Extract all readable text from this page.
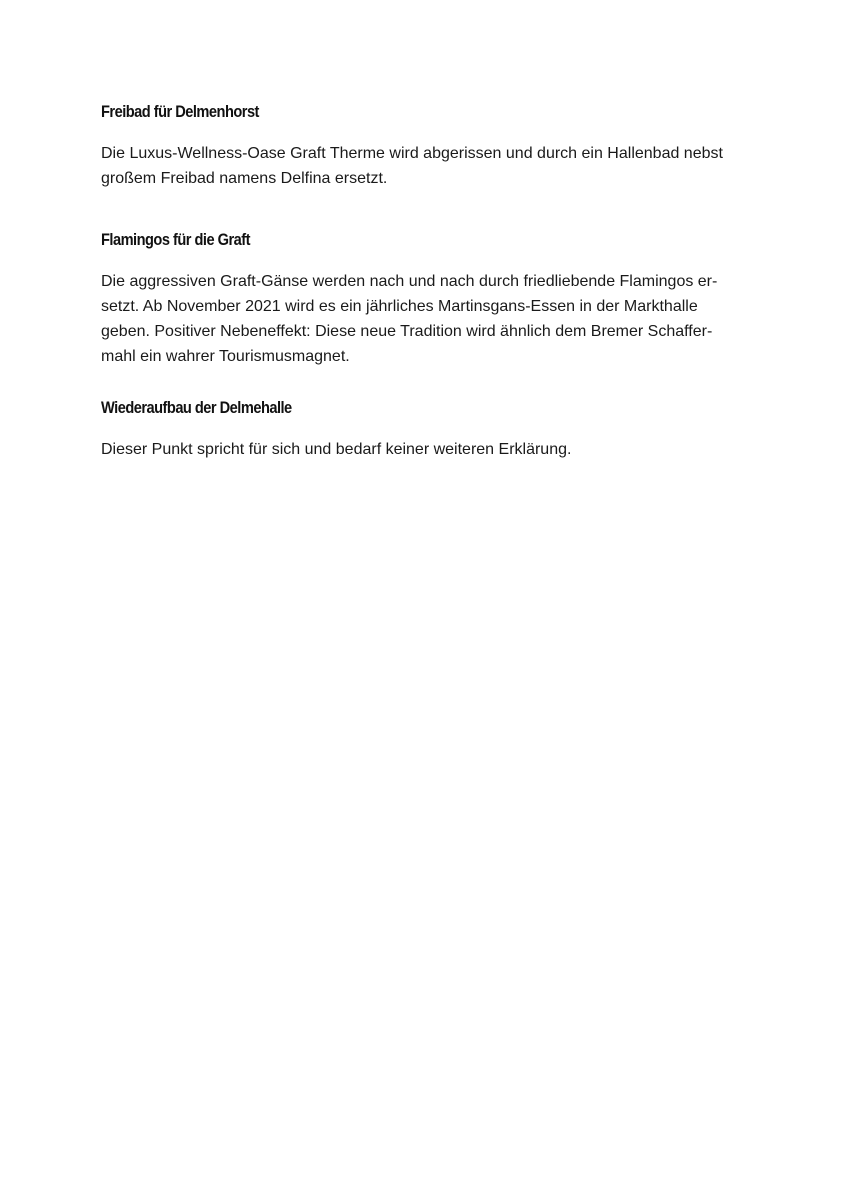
Freibad für Delmenhorst

Die Luxus-Wellness-Oase Graft Therme wird abgerissen und durch ein Hallenbad nebst
großem Freibad namens Delfina ersetzt.

Flamingos für die Graft

Die aggressiven Graft-Gänse werden nach und nach durch friedliebende Flamingos er-
setzt. Ab November 2021 wird es ein jährliches Martinsgans-Essen in der Markthalle
geben. Positiver Nebeneffekt: Diese neue Tradition wird ähnlich dem Bremer Schaffer-
mahl ein wahrer Tourismusmagnet.

Wiederaufbau der Delmehalle

Dieser Punkt spricht für sich und bedarf keiner weiteren Erklärung.
